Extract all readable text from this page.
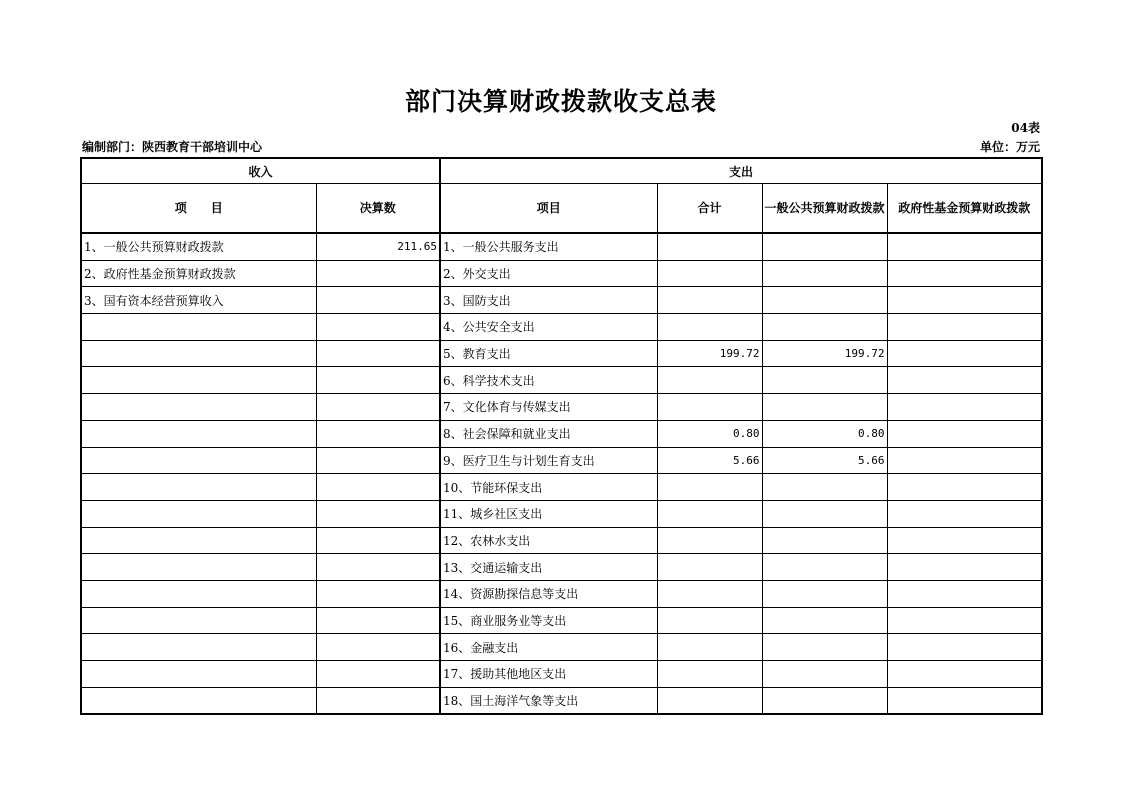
部门决算财政拨款收支总表
04表
编制部门：陕西教育干部培训中心	单位：万元
收入		支出			
项　　目	决算数	项目	合计	一般公共预算财政拨款	政府性基金预算财政拨款
1、一般公共预算财政拨款	211.65	1、一般公共服务支出			
2、政府性基金预算财政拨款		2、外交支出			
3、国有资本经营预算收入		3、国防支出			
		4、公共安全支出			
		5、教育支出	199.72	199.72	
		6、科学技术支出			
		7、文化体育与传媒支出			
		8、社会保障和就业支出	0.80	0.80	
		9、医疗卫生与计划生育支出	5.66	5.66	
		10、节能环保支出			
		11、城乡社区支出			
		12、农林水支出			
		13、交通运输支出			
		14、资源勘探信息等支出			
		15、商业服务业等支出			
		16、金融支出			
		17、援助其他地区支出			
		18、国土海洋气象等支出			
